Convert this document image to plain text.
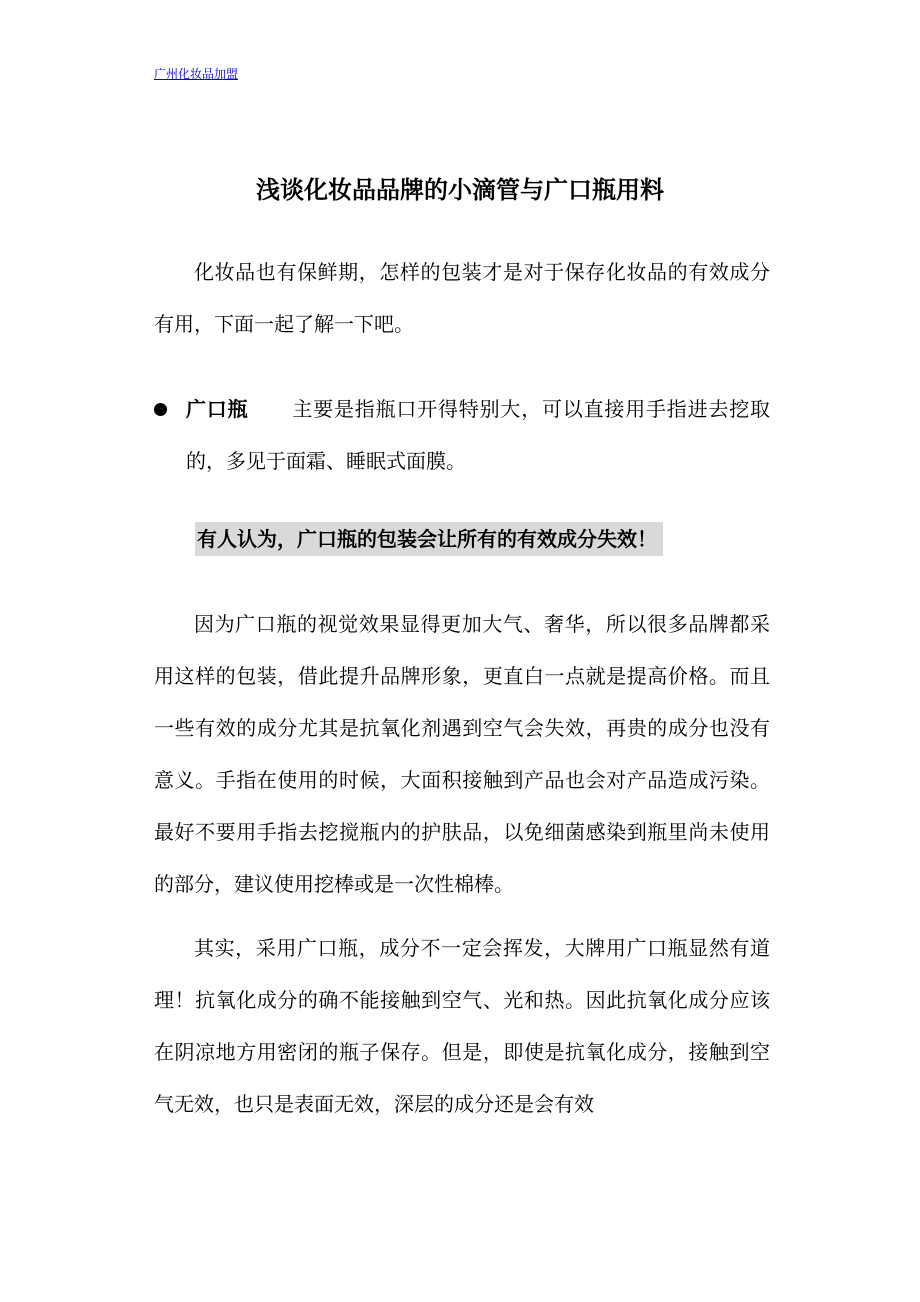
广州化妆品加盟
浅谈化妆品品牌的小滴管与广口瓶用料

化妆品也有保鲜期，怎样的包装才是对于保存化妆品的有效成分有用，下面一起了解一下吧。

广口瓶 主要是指瓶口开得特别大，可以直接用手指进去挖取的，多见于面霜、睡眠式面膜。
有人认为，广口瓶的包装会让所有的有效成分失效！

因为广口瓶的视觉效果显得更加大气、奢华，所以很多品牌都采用这样的包装，借此提升品牌形象，更直白一点就是提高价格。而且一些有效的成分尤其是抗氧化剂遇到空气会失效，再贵的成分也没有意义。手指在使用的时候，大面积接触到产品也会对产品造成污染。最好不要用手指去挖搅瓶内的护肤品，以免细菌感染到瓶里尚未使用的部分，建议使用挖棒或是一次性棉棒。

其实，采用广口瓶，成分不一定会挥发，大牌用广口瓶显然有道理！抗氧化成分的确不能接触到空气、光和热。因此抗氧化成分应该在阴凉地方用密闭的瓶子保存。但是，即使是抗氧化成分，接触到空气无效，也只是表面无效，深层的成分还是会有效
